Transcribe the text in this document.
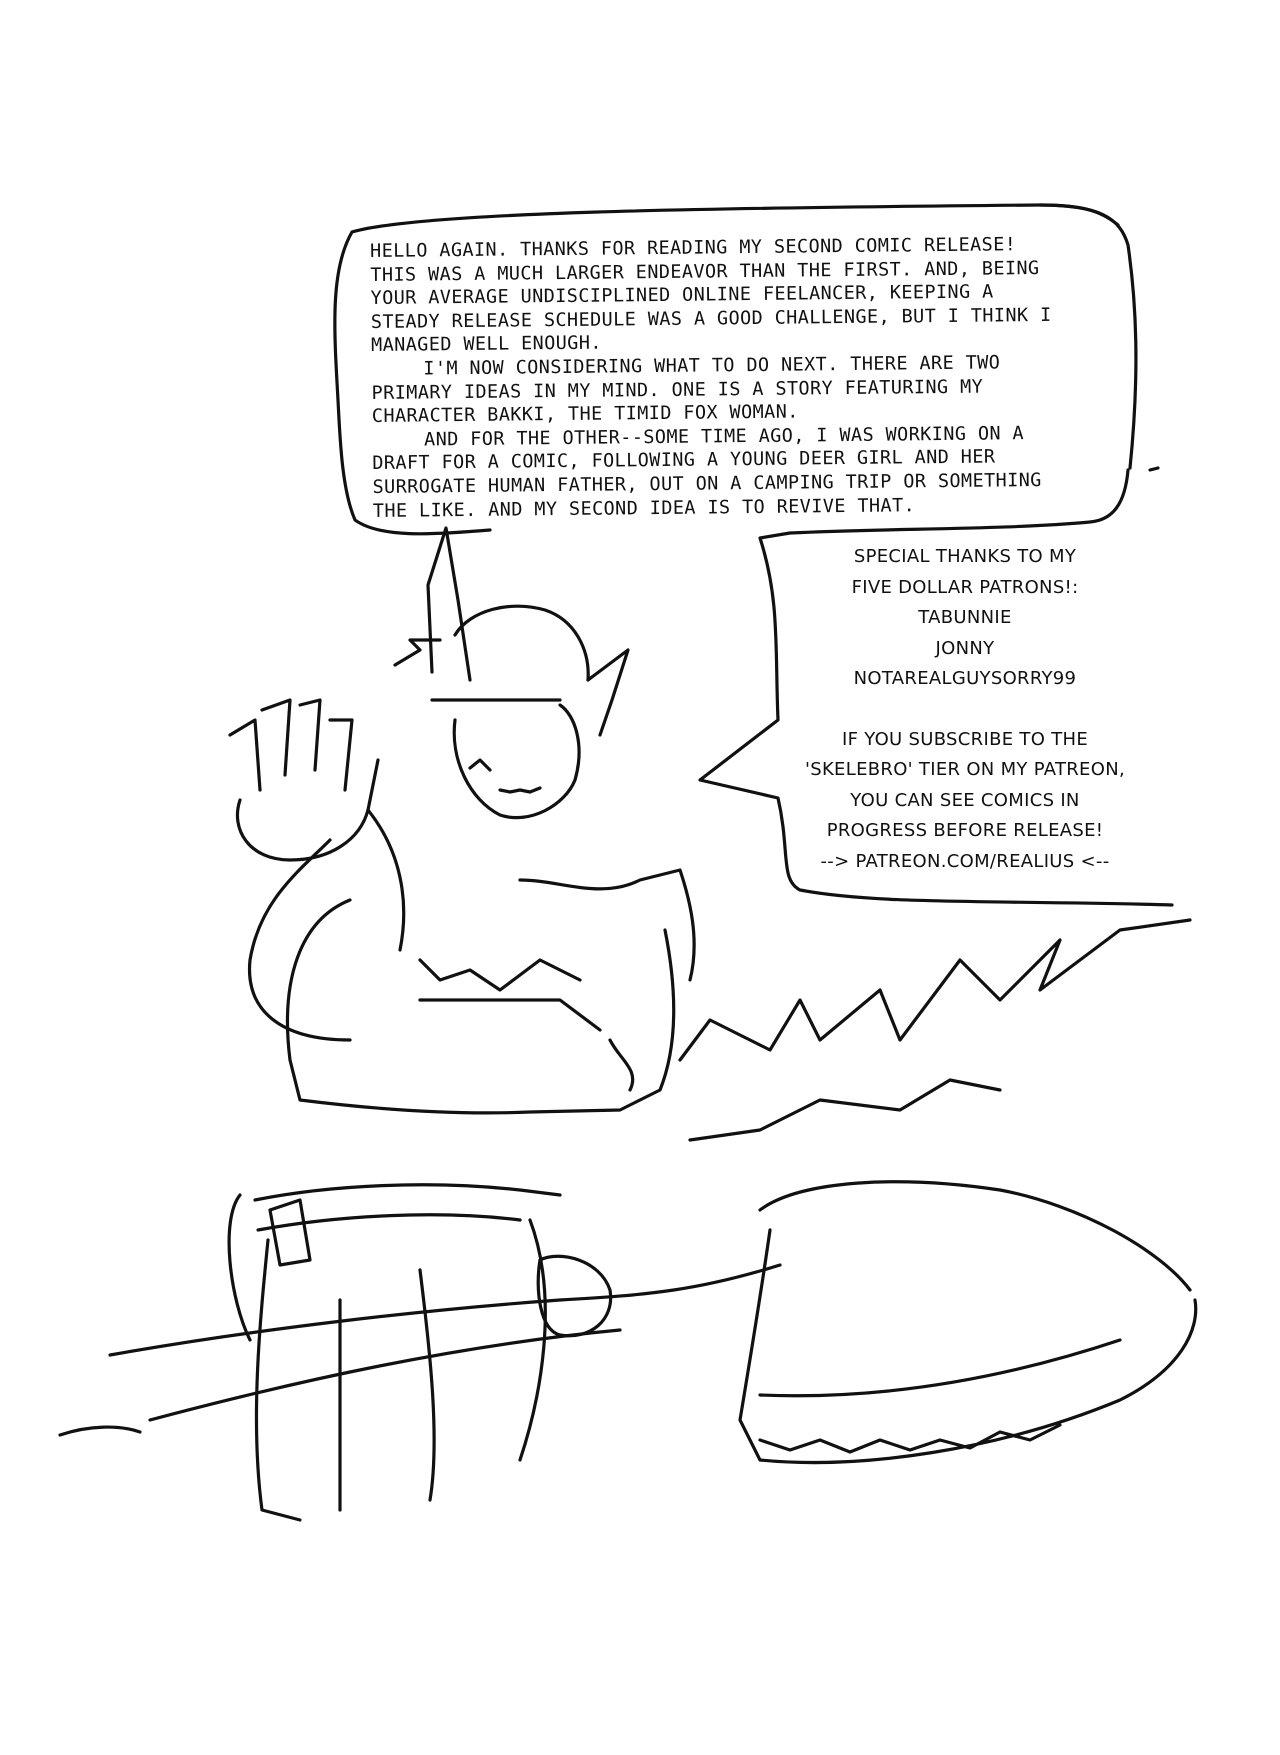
HELLO AGAIN. THANKS FOR READING MY SECOND COMIC RELEASE! THIS WAS A MUCH LARGER ENDEAVOR THAN THE FIRST. AND, BEING YOUR AVERAGE UNDISCIPLINED ONLINE FEELANCER, KEEPING A STEADY RELEASE SCHEDULE WAS A GOOD CHALLENGE, BUT I THINK I MANAGED WELL ENOUGH.

I'M NOW CONSIDERING WHAT TO DO NEXT. THERE ARE TWO PRIMARY IDEAS IN MY MIND. ONE IS A STORY FEATURING MY CHARACTER BAKKI, THE TIMID FOX WOMAN.

AND FOR THE OTHER--SOME TIME AGO, I WAS WORKING ON A DRAFT FOR A COMIC, FOLLOWING A YOUNG DEER GIRL AND HER SURROGATE HUMAN FATHER, OUT ON A CAMPING TRIP OR SOMETHING THE LIKE. AND MY SECOND IDEA IS TO REVIVE THAT.

SPECIAL THANKS TO MY
FIVE DOLLAR PATRONS!:
TABUNNIE
JONNY
NOTAREALGUYSORRY99
IF YOU SUBSCRIBE TO THE
'SKELEBRO' TIER ON MY PATREON,
YOU CAN SEE COMICS IN
PROGRESS BEFORE RELEASE!
--> PATREON.COM/REALIUS <--
